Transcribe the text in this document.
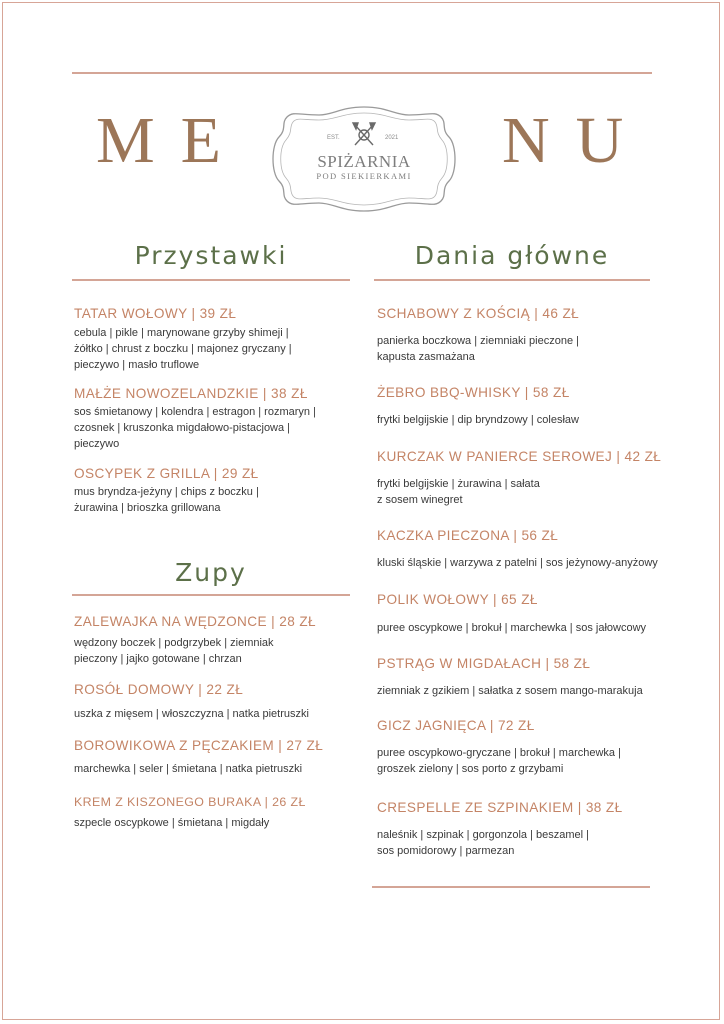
ME	NU
EST.	2021
SPIŻARNIA
POD SIEKIERKAMI
Przystawki
TATAR WOŁOWY | 39 ZŁ
cebula | pikle | marynowane grzyby shimeji |
żółtko | chrust z boczku | majonez gryczany |
pieczywo | masło truflowe
MAŁŻE NOWOZELANDZKIE | 38 ZŁ
sos śmietanowy | kolendra | estragon | rozmaryn |
czosnek | kruszonka migdałowo-pistacjowa |
pieczywo
OSCYPEK Z GRILLA | 29 ZŁ
mus bryndza-jeżyny | chips z boczku |
żurawina | brioszka grillowana
Zupy
ZALEWAJKA NA WĘDZONCE | 28 ZŁ
wędzony boczek | podgrzybek | ziemniak
pieczony | jajko gotowane | chrzan
ROSÓŁ DOMOWY | 22 ZŁ
uszka z mięsem | włoszczyzna | natka pietruszki
BOROWIKOWA Z PĘCZAKIEM | 27 ZŁ
marchewka | seler | śmietana | natka pietruszki
KREM Z KISZONEGO BURAKA | 26 ZŁ
szpecle oscypkowe | śmietana | migdały
Dania główne
SCHABOWY Z KOŚCIĄ | 46 ZŁ
panierka boczkowa | ziemniaki pieczone |
kapusta zasmażana
ŻEBRO BBQ-WHISKY | 58 ZŁ
frytki belgijskie | dip bryndzowy | colesław
KURCZAK W PANIERCE SEROWEJ | 42 ZŁ
frytki belgijskie | żurawina | sałata
z sosem winegret
KACZKA PIECZONA | 56 ZŁ
kluski śląskie | warzywa z patelni | sos jeżynowy-anyżowy
POLIK WOŁOWY | 65 ZŁ
puree oscypkowe | brokuł | marchewka | sos jałowcowy
PSTRĄG W MIGDAŁACH | 58 ZŁ
ziemniak z gzikiem | sałatka z sosem mango-marakuja
GICZ JAGNIĘCA | 72 ZŁ
puree oscypkowo-gryczane | brokuł | marchewka |
groszek zielony | sos porto z grzybami
CRESPELLE ZE SZPINAKIEM | 38 ZŁ
naleśnik | szpinak | gorgonzola | beszamel |
sos pomidorowy | parmezan
